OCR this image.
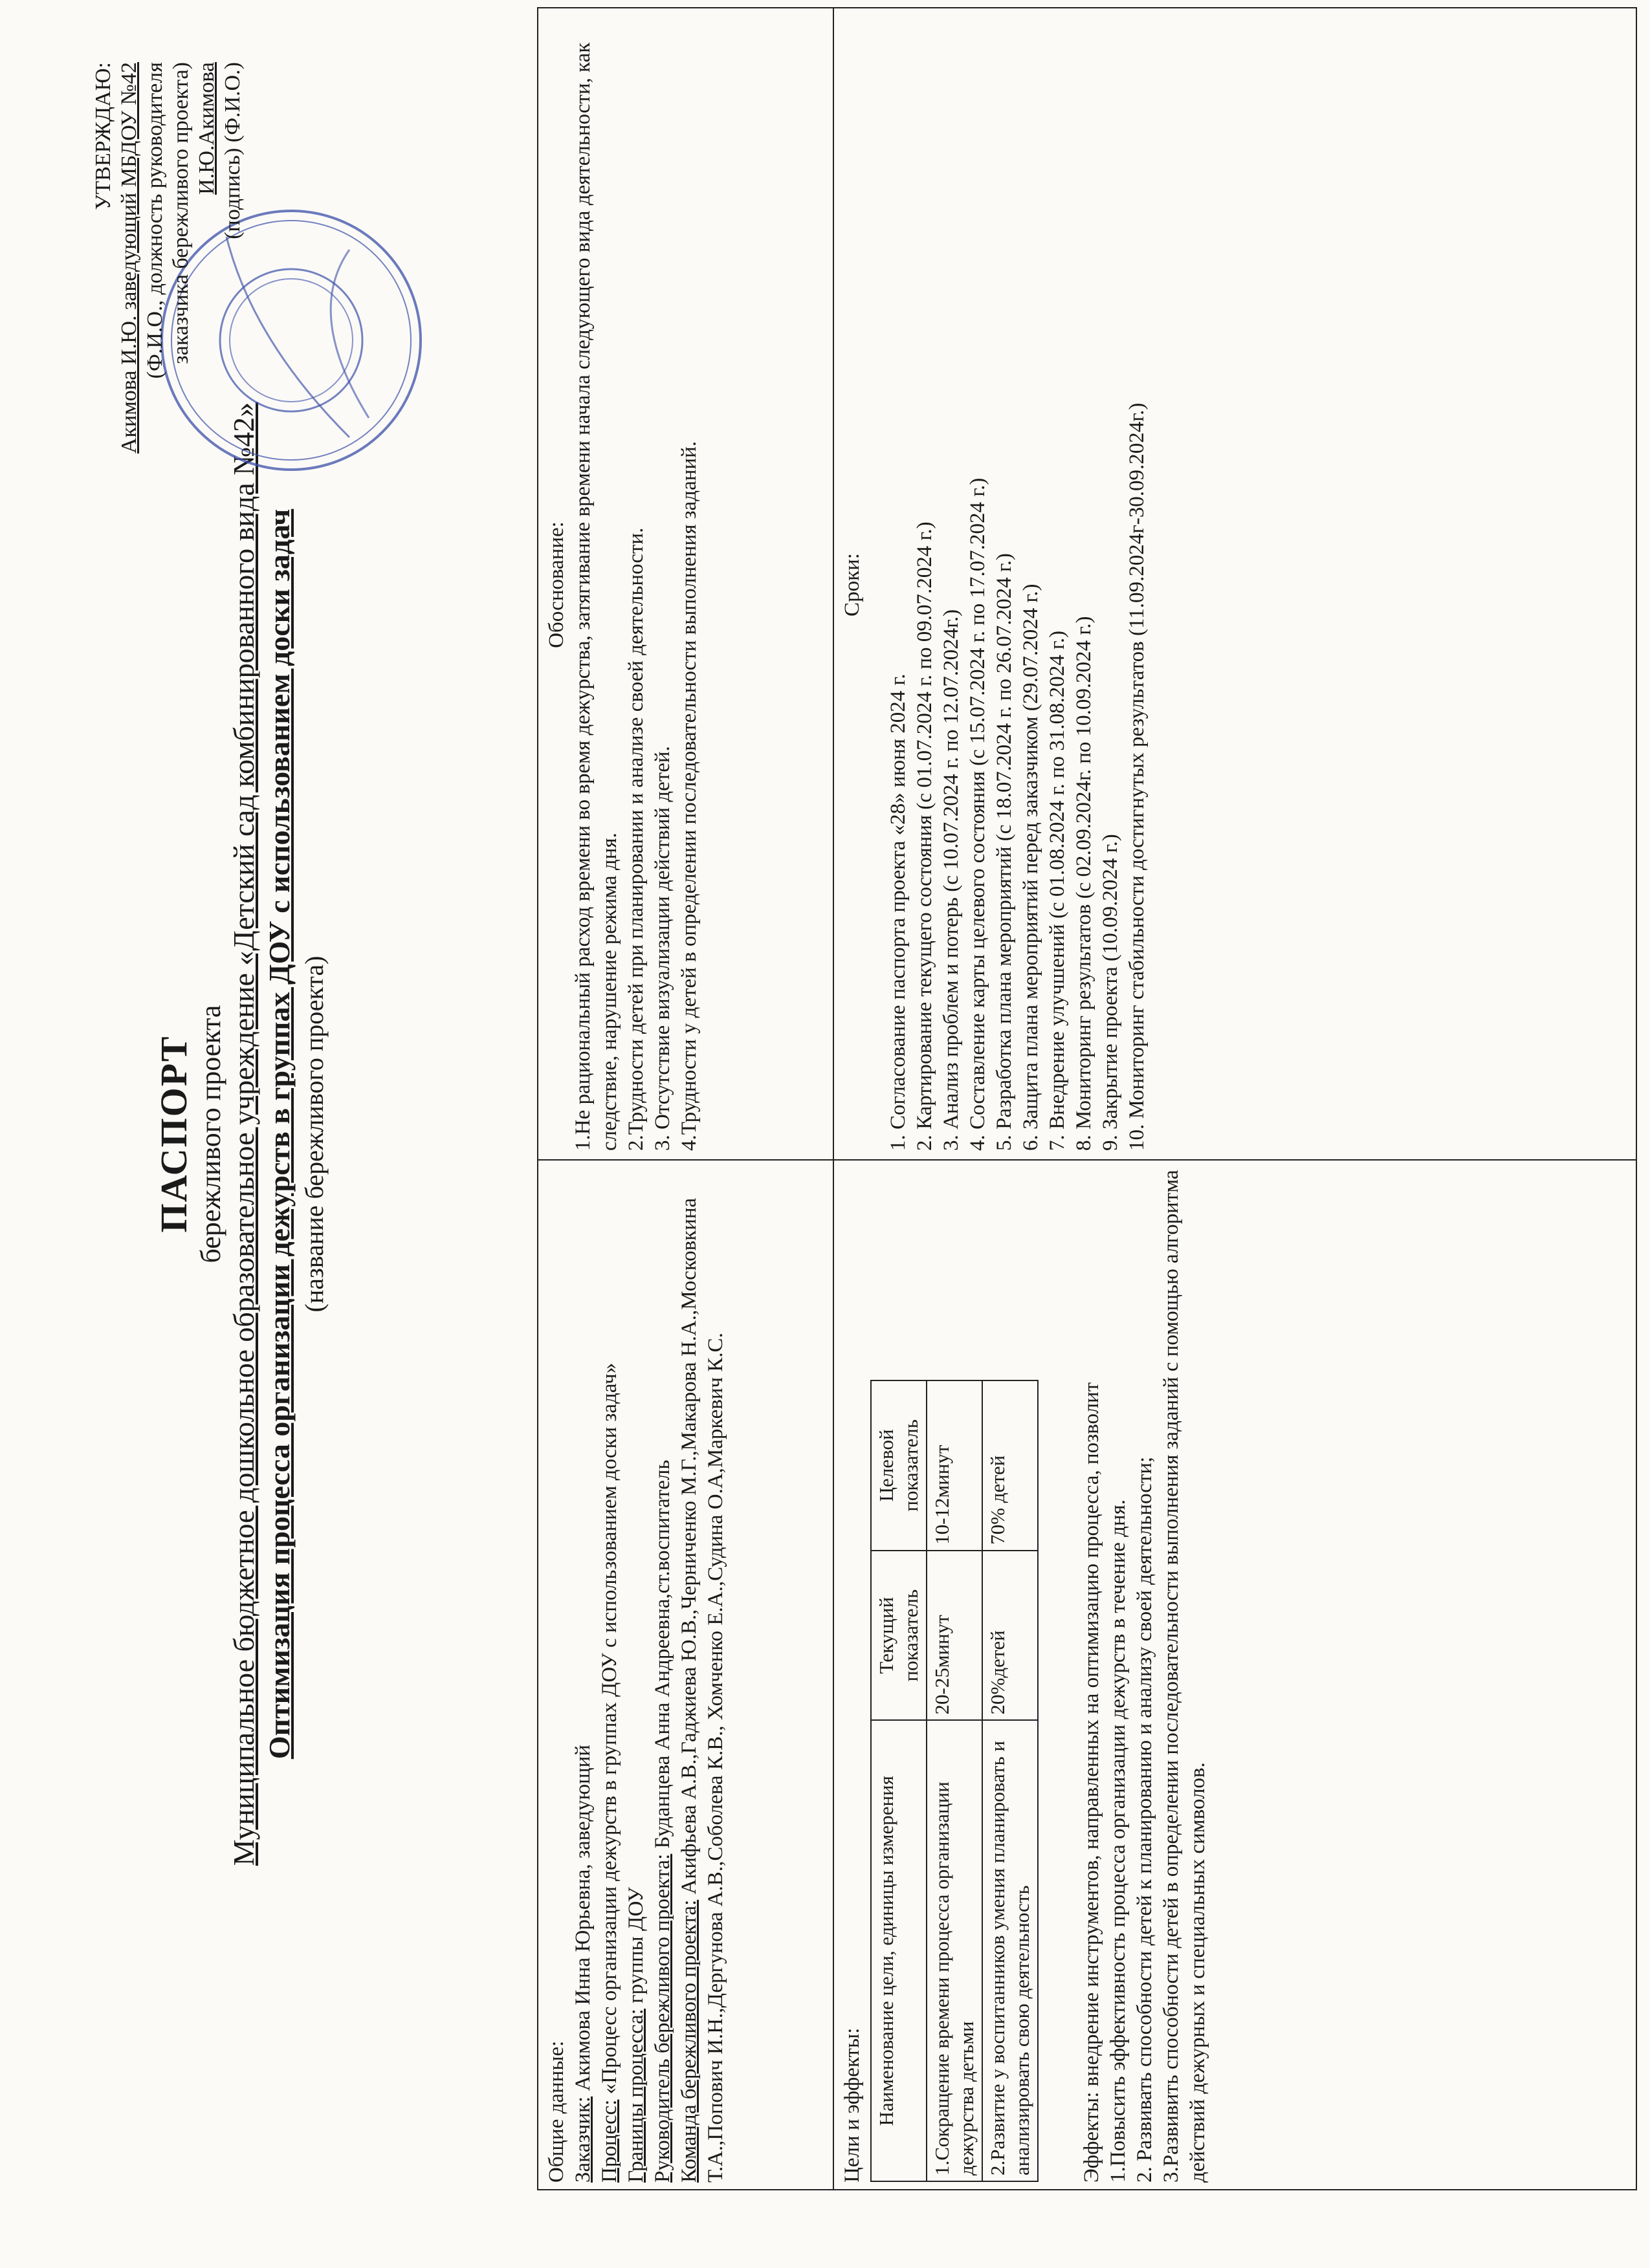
ПАСПОРТ бережливого проекта Муниципальное бюджетное дошкольное образовательное учреждение «Детский сад комбинированного вида №42» Оптимизация процесса организации дежурств в группах ДОУ с использованием доски задач (название бережливого проекта)
УТВЕРЖДАЮ: Акимова И.Ю. заведующий МБДОУ №42 (Ф.И.О., должность руководителя заказчика бережливого проекта) И.Ю.Акимова (подпись) (Ф.И.О.)
Общие данные: Заказчик: Акимова Инна Юрьевна, заведующий
Процесс: «Процесс организации дежурств в группах ДОУ с использованием доски задач»
Границы процесса: группы ДОУ Руководитель бережливого проекта: Буданцева Анна Андреевна,ст.воспитатель
Команда бережливого проекта: Акифьева А.В.,Гаджиева Ю.В.,Черниченко М.Г.,Макарова Н.А.,Московкина Т.А.,Попович И.Н.,Дергунова А.В.,Соболева К.В., Хомченко Е.А.,Судина О.А,Маркевич К.С.
Обоснование: 1.Не рациональный расход времени во время дежурства, затягивание времени начала следующего вида деятельности, как следствие, нарушение режима дня. 2.Трудности детей при планировании и анализе своей деятельности. 3. Отсутствие визуализации действий детей. 4.Трудности у детей в определении последовательности выполнения заданий.
Цели и эффекты: Наименование цели, единицы измерения	Текущий показатель	Целевой показатель
1.Сокращение времени процесса организации дежурства детьми	20-25минут	10-12минут
2.Развитие у воспитанников умения планировать и анализировать свою деятельность	20%детей	70% детей	Эффекты: внедрение инструментов, направленных на оптимизацию процесса, позволит 1.Повысить эффективность процесса организации дежурств в течение дня. 2. Развивать способности детей к планированию и анализу своей деятельности; 3.Развивить способности детей в определении последовательности выполнения заданий с помощью алгоритма действий дежурных и специальных символов.
Сроки:
1. Согласование паспорта проекта «28» июня 2024 г. 2. Картирование текущего состояния (с 01.07.2024 г. по 09.07.2024 г.) 3. Анализ проблем и потерь (с 10.07.2024 г. по 12.07.2024г.) 4. Составление карты целевого состояния (с 15.07.2024 г. по 17.07.2024 г.) 5. Разработка плана мероприятий (с 18.07.2024 г. по 26.07.2024 г.) 6. Защита плана мероприятий перед заказчиком (29.07.2024 г.) 7. Внедрение улучшений (с 01.08.2024 г. по 31.08.2024 г.) 8. Мониторинг результатов (с 02.09.2024г. по 10.09.2024 г.) 9. Закрытие проекта (10.09.2024 г.) 10. Мониторинг стабильности достигнутых результатов (11.09.2024г-30.09.2024г.)
